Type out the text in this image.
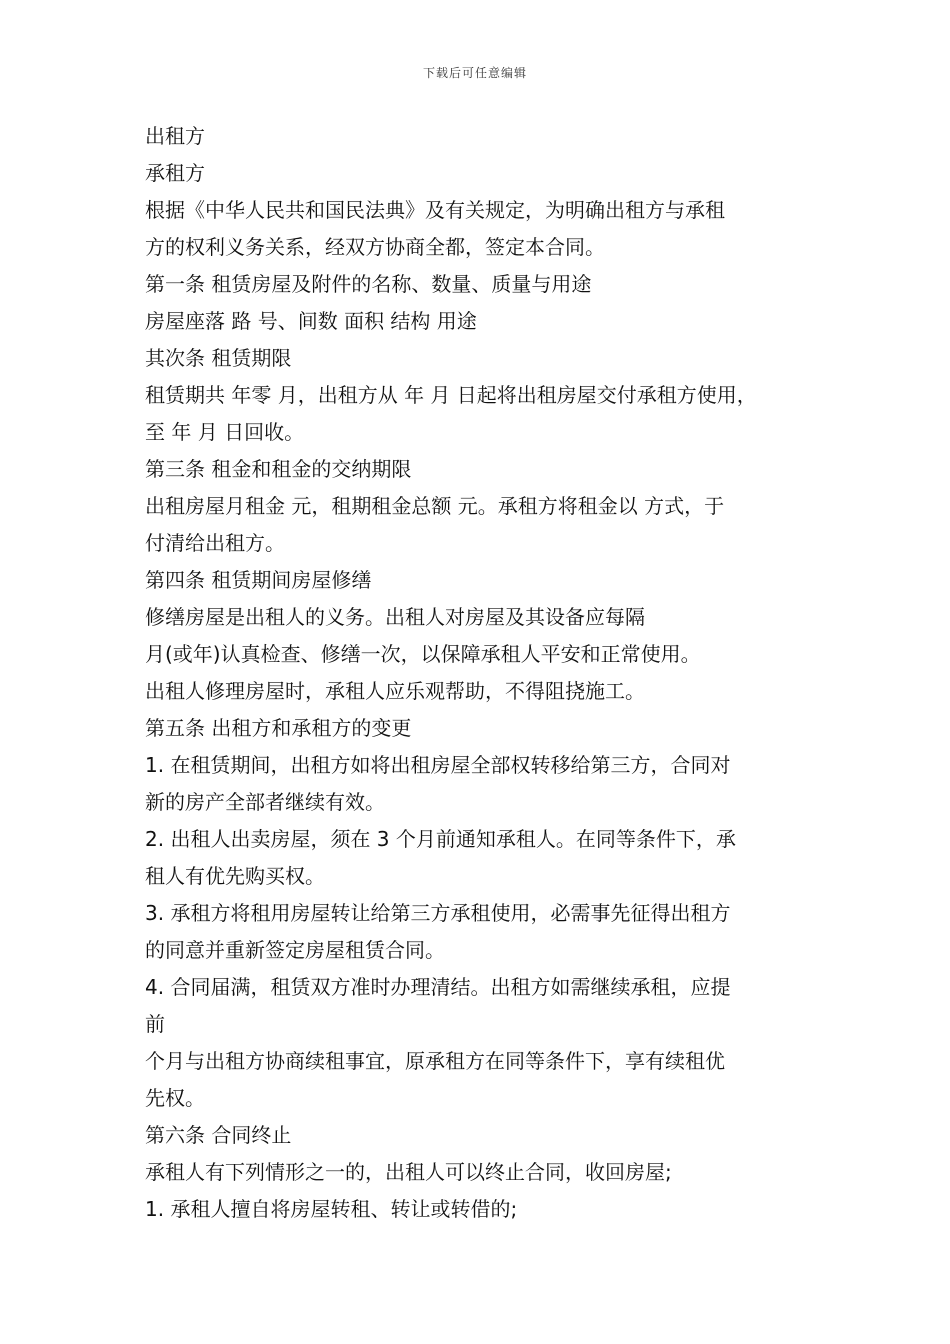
下载后可任意编辑
出租方
承租方
根据《中华人民共和国民法典》及有关规定，为明确出租方与承租
方的权利义务关系，经双方协商全都，签定本合同。
第一条 租赁房屋及附件的名称、数量、质量与用途
房屋座落 路 号、间数 面积 结构 用途
其次条 租赁期限
租赁期共 年零 月，出租方从 年 月 日起将出租房屋交付承租方使用，
至 年 月 日回收。
第三条 租金和租金的交纳期限
出租房屋月租金 元，租期租金总额 元。承租方将租金以 方式，于
付清给出租方。
第四条 租赁期间房屋修缮
修缮房屋是出租人的义务。出租人对房屋及其设备应每隔
月(或年)认真检查、修缮一次，以保障承租人平安和正常使用。
出租人修理房屋时，承租人应乐观帮助，不得阻挠施工。
第五条 出租方和承租方的变更
1. 在租赁期间，出租方如将出租房屋全部权转移给第三方，合同对
新的房产全部者继续有效。
2. 出租人出卖房屋，须在 3 个月前通知承租人。在同等条件下，承
租人有优先购买权。
3. 承租方将租用房屋转让给第三方承租使用，必需事先征得出租方
的同意并重新签定房屋租赁合同。
4. 合同届满，租赁双方准时办理清结。出租方如需继续承租，应提
前
个月与出租方协商续租事宜，原承租方在同等条件下，享有续租优
先权。
第六条 合同终止
承租人有下列情形之一的，出租人可以终止合同，收回房屋;
1. 承租人擅自将房屋转租、转让或转借的;
